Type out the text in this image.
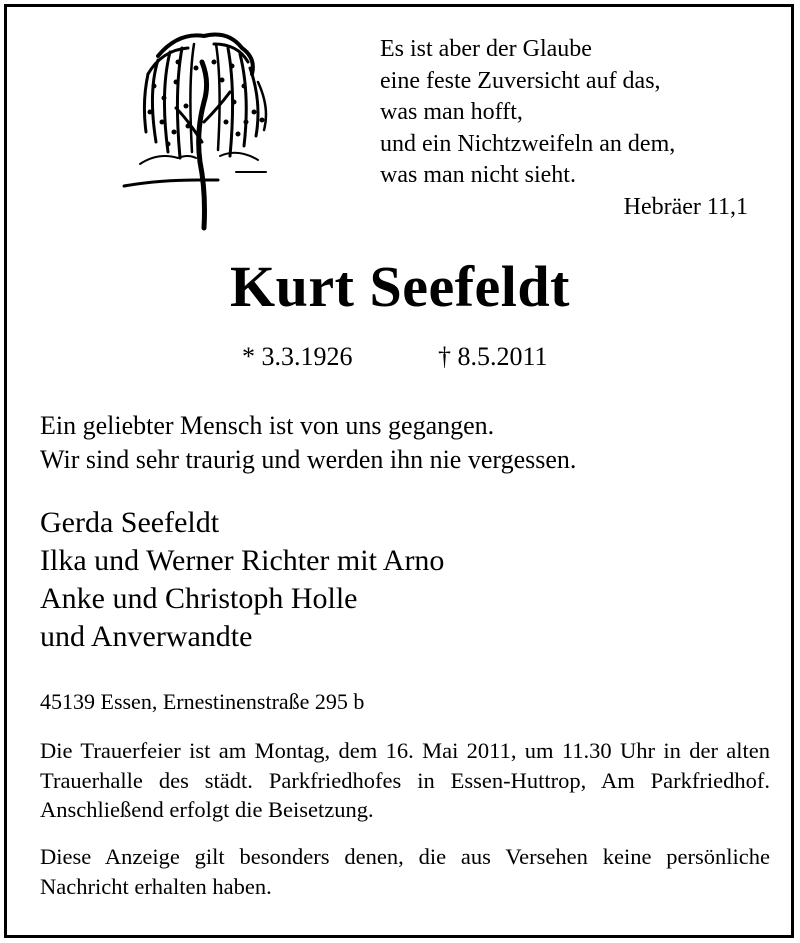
Es ist aber der Glaube
eine feste Zuversicht auf das,
was man hofft,
und ein Nichtzweifeln an dem,
was man nicht sieht.
Hebräer 11,1
Kurt Seefeldt
* 3.3.1926	† 8.5.2011
Ein geliebter Mensch ist von uns gegangen.
Wir sind sehr traurig und werden ihn nie vergessen.
Gerda Seefeldt
Ilka und Werner Richter mit Arno
Anke und Christoph Holle
und Anverwandte
45139 Essen, Ernestinenstraße 295 b
Die Trauerfeier ist am Montag, dem 16. Mai 2011, um 11.30 Uhr in der alten Trauerhalle des städt. Parkfriedhofes in Essen-Huttrop, Am Parkfriedhof. Anschließend erfolgt die Beisetzung.
Diese Anzeige gilt besonders denen, die aus Versehen keine persönliche Nachricht erhalten haben.
